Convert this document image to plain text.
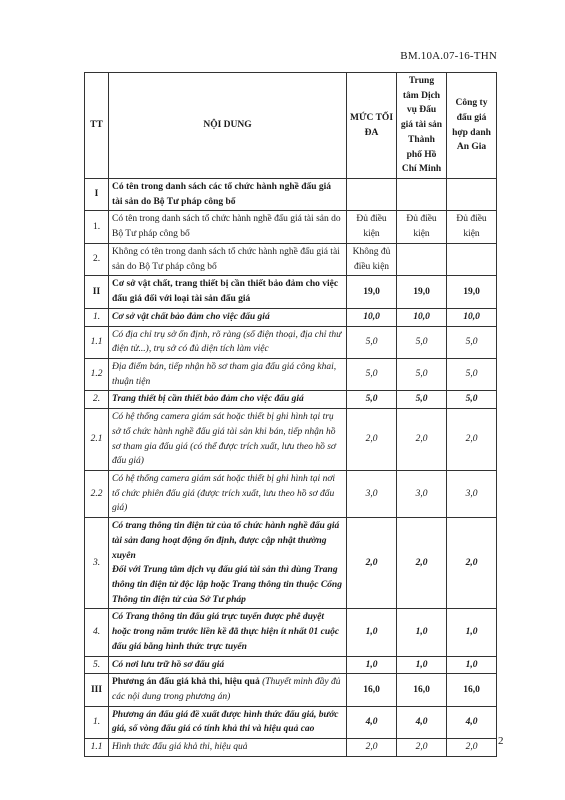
BM.10A.07-16-THN
TT	NỘI DUNG	MỨC TỐI ĐA	Trung tâm Dịch vụ Đấu giá tài sản Thành phố Hồ Chí Minh	Công ty đấu giá hợp danh An Gia
I	Có tên trong danh sách các tổ chức hành nghề đấu giá tài sản do Bộ Tư pháp công bố			
1.	Có tên trong danh sách tổ chức hành nghề đấu giá tài sản do Bộ Tư pháp công bố	Đủ điều kiện	Đủ điều kiện	Đủ điều kiện
2.	Không có tên trong danh sách tổ chức hành nghề đấu giá tài sản do Bộ Tư pháp công bố	Không đủ điều kiện		
II	Cơ sở vật chất, trang thiết bị cần thiết bảo đảm cho việc đấu giá đối với loại tài sản đấu giá	19,0	19,0	19,0
1.	Cơ sở vật chất bảo đảm cho việc đấu giá	10,0	10,0	10,0
1.1	Có địa chỉ trụ sở ổn định, rõ ràng (số điện thoại, địa chỉ thư điện tử...), trụ sở có đủ diện tích làm việc	5,0	5,0	5,0
1.2	Địa điểm bán, tiếp nhận hồ sơ tham gia đấu giá công khai, thuận tiện	5,0	5,0	5,0
2.	Trang thiết bị cần thiết bảo đảm cho việc đấu giá	5,0	5,0	5,0
2.1	Có hệ thống camera giám sát hoặc thiết bị ghi hình tại trụ sở tổ chức hành nghề đấu giá tài sản khi bán, tiếp nhận hồ sơ tham gia đấu giá (có thể được trích xuất, lưu theo hồ sơ đấu giá)	2,0	2,0	2,0
2.2	Có hệ thống camera giám sát hoặc thiết bị ghi hình tại nơi tổ chức phiên đấu giá (được trích xuất, lưu theo hồ sơ đấu giá)	3,0	3,0	3,0
3.	Có trang thông tin điện tử của tổ chức hành nghề đấu giá tài sản đang hoạt động ổn định, được cập nhật thường xuyên
Đối với Trung tâm dịch vụ đấu giá tài sản thì dùng Trang thông tin điện tử độc lập hoặc Trang thông tin thuộc Cổng Thông tin điện tử của Sở Tư pháp	2,0	2,0	2,0
4.	Có Trang thông tin đấu giá trực tuyến được phê duyệt hoặc trong năm trước liền kề đã thực hiện ít nhất 01 cuộc đấu giá bằng hình thức trực tuyến	1,0	1,0	1,0
5.	Có nơi lưu trữ hồ sơ đấu giá	1,0	1,0	1,0
III	Phương án đấu giá khả thi, hiệu quả (Thuyết minh đầy đủ các nội dung trong phương án)	16,0	16,0	16,0
1.	Phương án đấu giá đề xuất được hình thức đấu giá, bước giá, số vòng đấu giá có tính khả thi và hiệu quả cao	4,0	4,0	4,0
1.1	Hình thức đấu giá khả thi, hiệu quả	2,0	2,0	2,0
2
